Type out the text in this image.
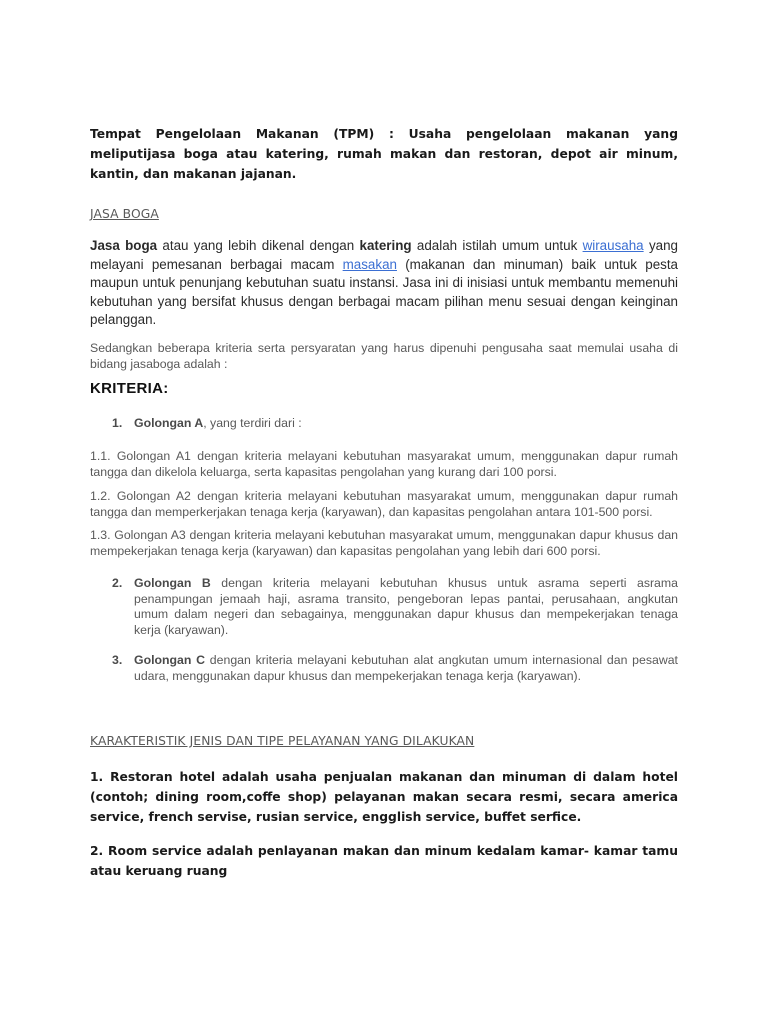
Tempat Pengelolaan Makanan (TPM) : Usaha pengelolaan makanan yang meliputijasa boga atau katering, rumah makan dan restoran, depot air minum, kantin, dan makanan jajanan.

JASA BOGA

Jasa boga atau yang lebih dikenal dengan katering adalah istilah umum untuk wirausaha yang melayani pemesanan berbagai macam masakan (makanan dan minuman) baik untuk pesta maupun untuk penunjang kebutuhan suatu instansi. Jasa ini di inisiasi untuk membantu memenuhi kebutuhan yang bersifat khusus dengan berbagai macam pilihan menu sesuai dengan keinginan pelanggan.

Sedangkan beberapa kriteria serta persyaratan yang harus dipenuhi pengusaha saat memulai usaha di bidang jasaboga adalah :

KRITERIA:
1. Golongan A, yang terdiri dari :

1.1. Golongan A1 dengan kriteria melayani kebutuhan masyarakat umum, menggunakan dapur rumah tangga dan dikelola keluarga, serta kapasitas pengolahan yang kurang dari 100 porsi.

1.2. Golongan A2 dengan kriteria melayani kebutuhan masyarakat umum, menggunakan dapur rumah tangga dan memperkerjakan tenaga kerja (karyawan), dan kapasitas pengolahan antara 101-500 porsi.

1.3. Golongan A3 dengan kriteria melayani kebutuhan masyarakat umum, menggunakan dapur khusus dan mempekerjakan tenaga kerja (karyawan) dan kapasitas pengolahan yang lebih dari 600 porsi.

2. Golongan B dengan kriteria melayani kebutuhan khusus untuk asrama seperti asrama penampungan jemaah haji, asrama transito, pengeboran lepas pantai, perusahaan, angkutan umum dalam negeri dan sebagainya, menggunakan dapur khusus dan mempekerjakan tenaga kerja (karyawan).
3. Golongan C dengan kriteria melayani kebutuhan alat angkutan umum internasional dan pesawat udara, menggunakan dapur khusus dan mempekerjakan tenaga kerja (karyawan).
KARAKTERISTIK JENIS DAN TIPE PELAYANAN YANG DILAKUKAN

1. Restoran hotel adalah usaha penjualan makanan dan minuman di dalam hotel (contoh; dining room,coffe shop) pelayanan makan secara resmi, secara america service, french servise, rusian service, engglish service, buffet serfice.

2. Room service adalah penlayanan makan dan minum kedalam kamar- kamar tamu atau keruang ruang
